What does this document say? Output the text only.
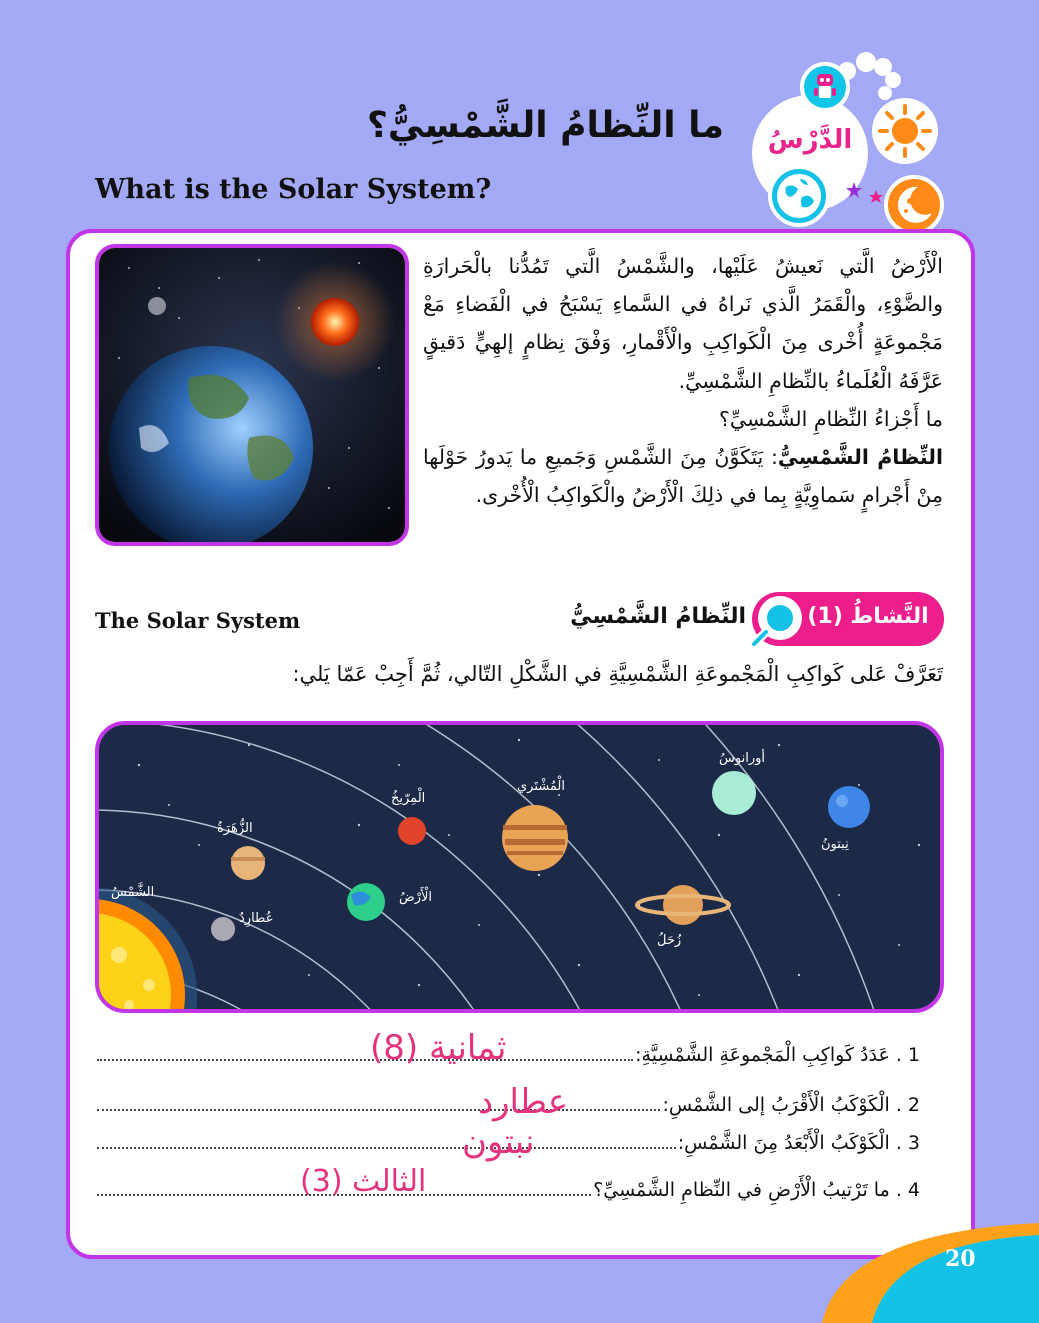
الدَّرْسُ
ما النِّظامُ الشَّمْسِيُّ؟
What is the Solar System?

الْأَرْضُ الَّتي نَعيشُ عَلَيْها، والشَّمْسُ الَّتي تَمُدُّنا بالْحَرارَةِ والضَّوْءِ، والْقَمَرُ الَّذي نَراهُ في السَّماءِ يَسْبَحُ في الْفَضاءِ مَعْ مَجْموعَةٍ أُخْرى مِنَ الْكَواكِبِ والْأَقْمارِ، وَفْقَ نِظامٍ إلهِيٍّ دَقيقٍ عَرَّفَهُ الْعُلَماءُ بالنِّظامِ الشَّمْسِيِّ.

ما أَجْزاءُ النِّظامِ الشَّمْسِيِّ؟

النِّظامُ الشَّمْسِيُّ: يَتَكَوَّنُ مِنَ الشَّمْسِ وَجَميعِ ما يَدورُ حَوْلَها مِنْ أَجْرامٍ سَماوِيَّةٍ بِما في ذلِكَ الْأَرْضُ والْكَواكِبُ الْأُخْرى.

The Solar System	النَّشاطُ (1)
النِّظامُ الشَّمْسِيُّ
تَعَرَّفْ عَلى كَواكِبِ الْمَجْموعَةِ الشَّمْسِيَّةِ في الشَّكْلِ التّالي، ثُمَّ أَجِبْ عَمّا يَلي:
الشَّمْسُ
عُطارِدٌ
الزُّهَرَةُ
الْأَرْضُ
الْمِرّيخُ
الْمُشْتَري
زُحَلُ
أورانوسُ
نِبتونُ
1 . عَدَدُ كَواكِبِ الْمَجْموعَةِ الشَّمْسِيَّةِ:
2 . الْكَوْكَبُ الْأَقْرَبُ إلى الشَّمْسِ:
3 . الْكَوْكَبُ الْأَبْعَدُ مِنَ الشَّمْسِ:
4 . ما تَرْتيبُ الْأَرْضِ في النِّظامِ الشَّمْسِيِّ؟
ثمانية (8)
عطارد
نبتون
الثالث (3)
20
